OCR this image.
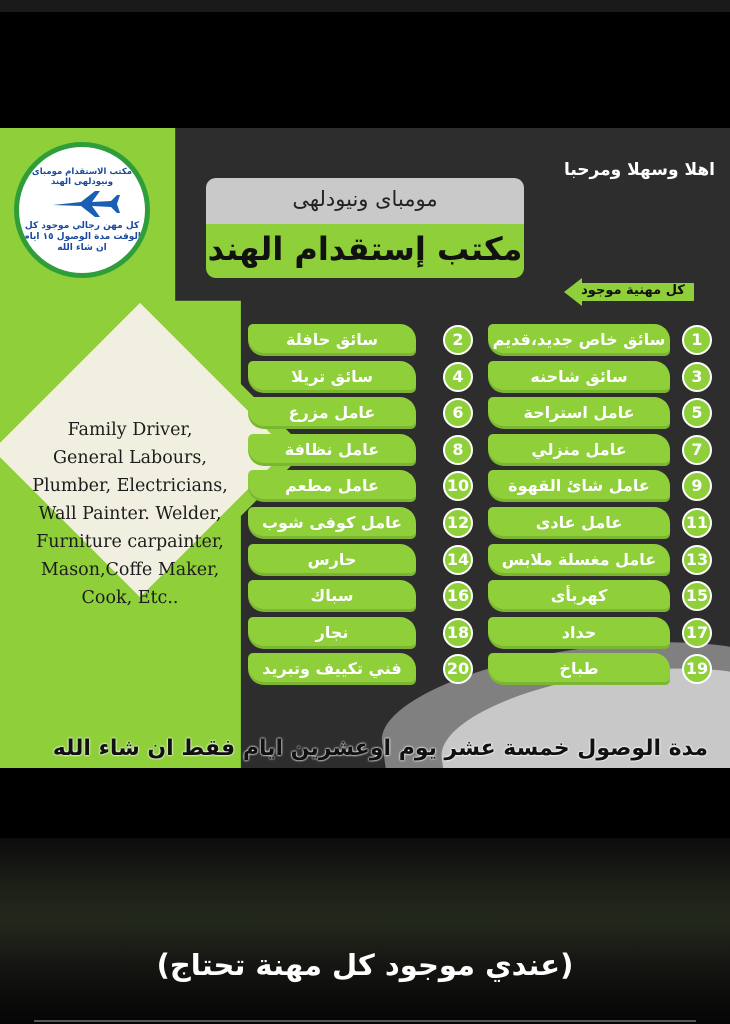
Family Driver,
General Labours,
Plumber, Electricians,
Wall Painter. Welder,
Furniture carpainter,
Mason,Coffe Maker,
Cook, Etc..
مكتب الاستقدام مومباى ونيودلهى الهند
كل مهن رجالي موجود كل الوقت مدة الوصول ١٥ ايام ان شاء الله
مومباى ونيودلهى
مكتب إستقدام الهند
اهلا وسهلا ومرحبا
كل مهنية موجود
سائق خاص جديد،قديم	1
سائق شاحنه	3
عامل استراحة	5
عامل منزلي	7
عامل شائ القهوة	9
عامل عادى	11
عامل مغسلة ملابس	13
كهربأى	15
حداد	17
طباخ	19
سائق حافلة	2
سائق تريلا	4
عامل مزرع	6
عامل نظافة	8
عامل مطعم	10
عامل كوفى شوب	12
حارس	14
سباك	16
نجار	18
فني تكييف وتبريد	20
مدة الوصول خمسة عشر يوم اوعشرين ايام فقط ان شاء الله
(عندي موجود كل مهنة تحتاج)
